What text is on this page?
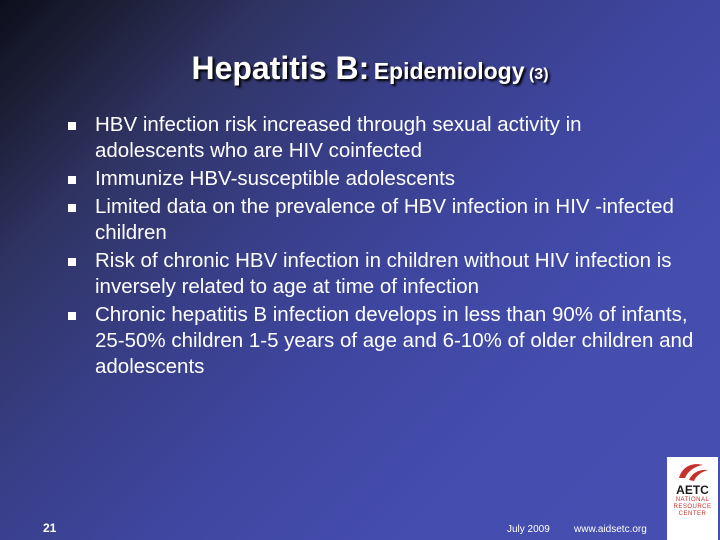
Hepatitis B: Epidemiology (3)
HBV infection risk increased through sexual activity in adolescents who are HIV coinfected
Immunize HBV-susceptible adolescents
Limited data on the prevalence of HBV infection in HIV -infected children
Risk of chronic HBV infection in children without HIV infection is inversely related to age at time of infection
Chronic hepatitis B infection develops in less than 90% of infants, 25-50% children 1-5 years of age and 6-10% of older children and adolescents
21	July 2009 www.aidsetc.org
AETC
NATIONAL
RESOURCE
CENTER
